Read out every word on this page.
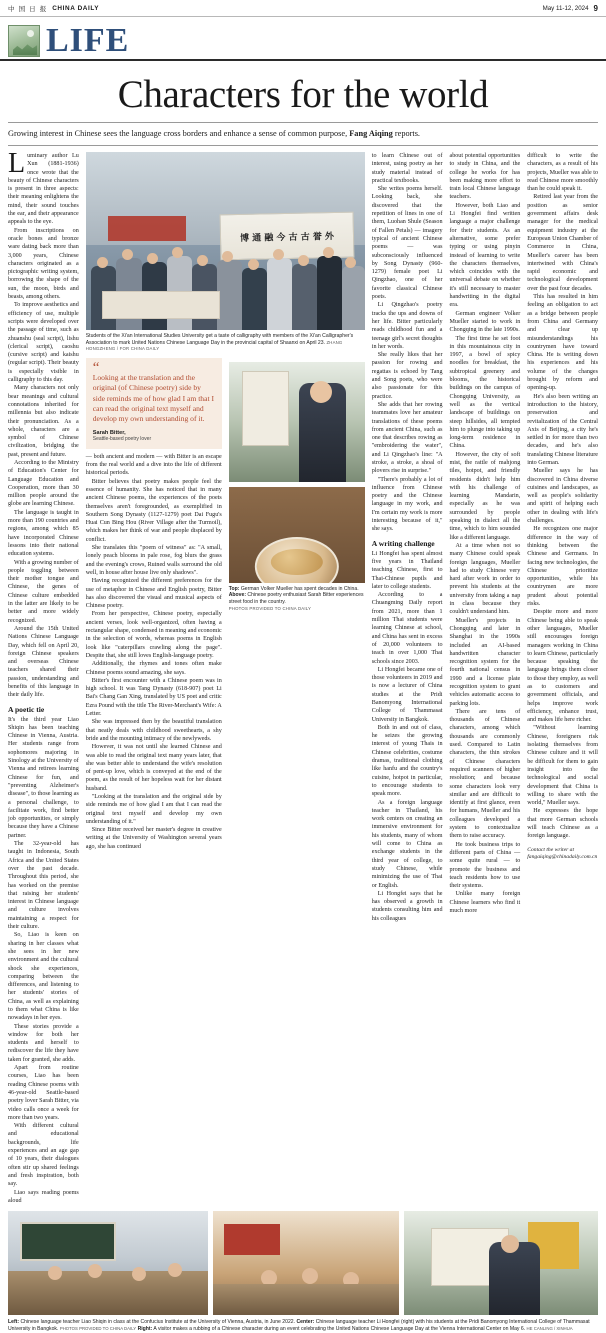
中 国 日 报 CHINA DAILY	May 11-12, 2024 9
LIFE
Characters for the world
Growing interest in Chinese sees the language cross borders and enhance a sense of common purpose, Fang Aiqing reports.

Luminary author Lu Xun (1881-1936) once wrote that the beauty of Chinese characters is present in three aspects: their meaning enlightens the mind, their sound touches the ear, and their appearance appeals to the eye.

From inscriptions on oracle bones and bronze ware dating back more than 3,000 years, Chinese characters originated as a pictographic writing system, borrowing the shape of the sun, the moon, birds and beasts, among others.

To improve aesthetics and efficiency of use, multiple scripts were developed over the passage of time, such as zhuanshu (seal script), lishu (clerical script), caoshu (cursive script) and kaishu (regular script). Their beauty is especially visible in calligraphy to this day.

Many characters not only bear meanings and cultural connotations inherited for millennia but also indicate their pronunciation. As a whole, characters are a symbol of Chinese civilization, bridging the past, present and future.

According to the Ministry of Education's Center for Language Education and Cooperation, more than 30 million people around the globe are learning Chinese.

The language is taught in more than 190 countries and regions, among which 85 have incorporated Chinese lessons into their national education systems.

With a growing number of people toggling between their mother tongue and Chinese, the genes of Chinese culture embedded in the latter are likely to be better and more widely recognized.

Around the 15th United Nations Chinese Language Day, which fell on April 20, foreign Chinese speakers and overseas Chinese teachers shared their passion, understanding and benefits of this language in their daily life.

A poetic tie

It's the third year Liao Shiqin has been teaching Chinese in Vienna, Austria. Her students range from sophomores majoring in Sinology at the University of Vienna and retirees learning Chinese for fun, and "preventing Alzheimer's disease", to those learning as a personal challenge, to facilitate work, find better job opportunities, or simply because they have a Chinese partner.

The 32-year-old has taught in Indonesia, South Africa and the United States over the past decade. Throughout this period, she has worked on the premise that raising her students' interest in Chinese language and culture involves maintaining a respect for their culture.

So, Liao is keen on sharing in her classes what she sees in her new environment and the cultural shock she experiences, comparing between the differences, and listening to her students' stories of China, as well as explaining to them what China is like nowadays in her eyes.

These stories provide a window for both her students and herself to rediscover the life they have taken for granted, she adds.

Apart from routine courses, Liao has been reading Chinese poems with 46-year-old Seattle-based poetry lover Sarah Bitter, via video calls once a week for more than two years.

With different cultural and educational backgrounds, life experiences and an age gap of 10 years, their dialogues often stir up shared feelings and fresh inspiration, both say.

Liao says reading poems aloud

博 通 融 今 古 古 誉 外
Students of the Xi'an International Studies University get a taste of calligraphy with members of the Xi'an Calligrapher's Association to mark United Nations Chinese Language Day in the provincial capital of Shaanxi on April 23. ZHANG HONGZHENG / FOR CHINA DAILY
“
Looking at the translation and the original (of Chinese poetry) side by side reminds me of how glad I am that I can read the original text myself and develop my own understanding of it.
Sarah Bitter,
Seattle-based poetry lover

— both ancient and modern — with Bitter is an escape from the real world and a dive into the life of different historical periods.

Bitter believes that poetry makes people feel the essence of humanity. She has noticed that in many ancient Chinese poems, the experiences of the poets themselves aren't foregrounded, as exemplified in Southern Song Dynasty (1127-1279) poet Dai Fugu's Huai Cun Bing Hou (River Village after the Turmoil), which makes her think of war and people displaced by conflict.

She translates this "poem of witness" as: "A small, lonely peach blooms in pale rose, fog blurs the grass and the evening's crows, Ruined walls surround the old well, in house after house live only shadows".

Having recognized the different preferences for the use of metaphor in Chinese and English poetry, Bitter has also discovered the visual and musical aspects of Chinese poetry.

From her perspective, Chinese poetry, especially ancient verses, look well-organized, often having a rectangular shape, condensed in meaning and economic in the selection of words, whereas poems in English look like "caterpillars crawling along the page". Despite that, she still loves English-language poetry.

Additionally, the rhymes and tones often make Chinese poems sound amazing, she says.

Bitter's first encounter with a Chinese poem was in high school. It was Tang Dynasty (618-907) poet Li Bai's Chang Gan Xing, translated by US poet and critic Ezra Pound with the title The River-Merchant's Wife: A Letter.

She was impressed then by the beautiful translation that neatly deals with childhood sweethearts, a shy bride and the mounting intimacy of the newlyweds.

However, it was not until she learned Chinese and was able to read the original text many years later, that she was better able to understand the wife's resolution of pent-up love, which is conveyed at the end of the poem, as the result of her hopeless wait for her distant husband.

"Looking at the translation and the original side by side reminds me of how glad I am that I can read the original text myself and develop my own understanding of it."

Since Bitter received her master's degree in creative writing at the University of Washington several years ago, she has continued

Top: German Volker Mueller has spent decades in China.
Above: Chinese poetry enthusiast Sarah Bitter experiences street food in the country.
PHOTOS PROVIDED TO CHINA DAILY

to learn Chinese out of interest, using poetry as her study material instead of practical textbooks.

She writes poems herself. Looking back, she discovered that the repetition of lines in one of them, Luohan Shule (Season of Fallen Petals) — imagery typical of ancient Chinese poems — was subconsciously influenced by Song Dynasty (960-1279) female poet Li Qingzhao, one of her favorite classical Chinese poets.

Li Qingzhao's poetry tracks the ups and downs of her life. Bitter particularly reads childhood fun and a teenage girl's secret thoughts in her words.

She really likes that her passion for rowing and regattas is echoed by Tang and Song poets, who were also passionate for this practice.

She adds that her rowing teammates love her amateur translations of these poems from ancient China, such as one that describes rowing as "embroidering the water", and Li Qingzhao's line: "A stroke, a stroke, a shoal of plovers rise in surprise."

"There's probably a lot of influence from Chinese poetry and the Chinese language in my work, and I'm certain my work is more interesting because of it," she says.

A writing challenge

Li Hongfei has spent almost five years in Thailand teaching Chinese, first to Thai-Chinese pupils and later to college students.

According to a Chuangming Daily report from 2021, more than 1 million Thai students were learning Chinese at school, and China has sent in excess of 20,000 volunteers to teach in over 1,000 Thai schools since 2003.

Li Hongfei became one of those volunteers in 2019 and is now a lecturer of China studies at the Pridi Banomyong International College of Thammasat University in Bangkok.

Both in and out of class, he seizes the growing interest of young Thais in Chinese celebrities, costume dramas, traditional clothing like hanfu and the country's cuisine, hotpot in particular, to encourage students to speak more.

As a foreign language teacher in Thailand, his work centers on creating an immersive environment for his students, many of whom will come to China as exchange students in the third year of college, to study Chinese, while minimizing the use of Thai or English.

Li Hongfei says that he has observed a growth in students consulting him and his colleagues

about potential opportunities to study in China, and the college he works for has been making more effort to train local Chinese language teachers.

However, both Liao and Li Hongfei find written language a major challenge for their students. As an alternative, some prefer typing or using pinyin instead of learning to write the characters themselves, which coincides with the universal debate on whether it's still necessary to master handwriting in the digital era.

German engineer Volker Mueller started to work in Chongqing in the late 1990s.

The first time he set foot in this mountainous city in 1997, a bowl of spicy noodles for breakfast, the subtropical greenery and blooms, the historical buildings on the campus of Chongqing University, as well as the vertical landscape of buildings on steep hillsides, all tempted him to plunge into taking up long-term residence in China.

However, the city of soft mist, the rattle of mahjong tiles, hotpot, and friendly residents didn't help him with his challenge of learning Mandarin, especially as he was surrounded by people speaking in dialect all the time, which to him sounded like a different language.

At a time when not so many Chinese could speak foreign languages, Mueller had to study Chinese very hard after work in order to prevent his students at the university from taking a nap in class because they couldn't understand him.

Mueller's projects in Chongqing and later in Shanghai in the 1990s included an AI-based handwritten character recognition system for the fourth national census in 1990 and a license plate recognition system to grant vehicles automatic access to parking lots.

There are tens of thousands of Chinese characters, among which thousands are commonly used. Compared to Latin characters, the thin strokes of Chinese characters required scanners of higher resolution; and because some characters look very similar and are difficult to identify at first glance, even for humans, Mueller and his colleagues developed a system to contextualize them to raise accuracy.

He took business trips to different parts of China — some quite rural — to promote the business and teach residents how to use their systems.

Unlike many foreign Chinese learners who find it much more

difficult to write the characters, as a result of his projects, Mueller was able to read Chinese more smoothly than he could speak it.

Retired last year from the position as senior government affairs desk manager for the medical equipment industry at the European Union Chamber of Commerce in China, Mueller's career has been intertwined with China's rapid economic and technological development over the past four decades.

This has resulted in him feeling an obligation to act as a bridge between people from China and Germany and clear up misunderstandings his countrymen have toward China. He is writing down his experiences and his volume of the changes brought by reform and opening-up.

He's also been writing an introduction to the history, preservation and revitalization of the Central Axis of Beijing, a city he's settled in for more than two decades, and he's also translating Chinese literature into German.

Mueller says he has discovered in China diverse cuisines and landscapes, as well as people's solidarity and spirit of helping each other in dealing with life's challenges.

He recognizes one major difference in the way of thinking between the Chinese and Germans. In facing new technologies, the Chinese prioritize opportunities, while his countrymen are more prudent about potential risks.

Despite more and more Chinese being able to speak other languages, Mueller still encourages foreign managers working in China to learn Chinese, particularly because speaking the language brings them closer to those they employ, as well as to customers and government officials, and helps improve work efficiency, enhance trust, and makes life here richer.

"Without learning Chinese, foreigners risk isolating themselves from Chinese culture and it will be difficult for them to gain insight into the technological and social development that China is willing to share with the world," Mueller says.

He expresses the hope that more German schools will teach Chinese as a foreign language.

Contact the writer at fangaiqing@chinadaily.com.cn
Left: Chinese language teacher Liao Shiqin in class at the Confucius Institute at the University of Vienna, Austria, in June 2022. Center: Chinese language teacher Li Hongfei (right) with his students at the Pridi Banomyong International College of Thammasat University in Bangkok. PHOTOS PROVIDED TO CHINA DAILY Right: A visitor makes a rubbing of a Chinese character during an event celebrating the United Nations Chinese Language Day at the Vienna International Center on May 6. HE CANLING / XINHUA
